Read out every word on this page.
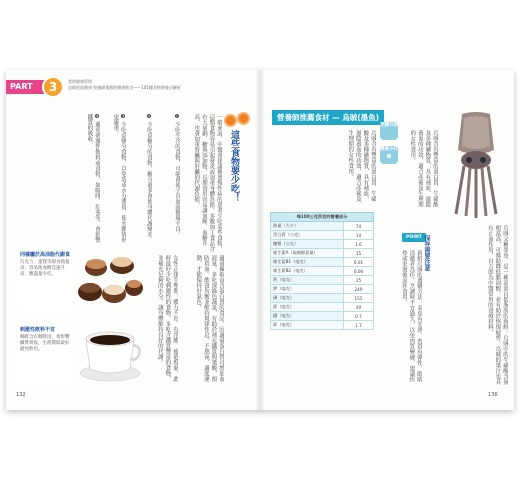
PART	3	我的健康管理
這樣吃最健康 營養師推薦的健康飲食——101種食物營養全解析
這些食物要少吃！
一般來說，中醫會建議罹患慢性病的患者少吃某些食物，這類食物容易引起發炎或加重身體負擔。多數加工食品含有大量鈉、糖與添加物，長期食用容易讓血壓、血糖升高，也會加重腎臟與肝臟的代謝負擔。
❶ 少吃生冷的食物，可能會使子宮血液循環不良。
❷ 少吃高糖分的食物，糖分過多會使身體代謝變差。
❸ 少吃高鹽分食物，以免造成水分滯留、使水腫情形更嚴重。
❹ 避免刺激性飲料或食物，如咖啡、紅茶等，會影響鐵質的吸收。
女性正逢生理期，體力不好，有浮腫、疲倦現象，此時最好少吃刺激性的食物，多吃含鐵質豐富的食物，並補充足夠的水分，讓身體維持良好的代謝。	適量攝取富含蛋白質的食品，因適量蛋白質可增加血液量。多吃深綠色蔬菜，有助於補充鐵質與葉酸，預防貧血。飲食均衡並維持規律作息，不熬夜、適度運動，才能保持好氣色。
同樣屬於高油脂代謝食
巧克力、蛋糕等甜食熱量高，容易使血糖急速升高，應盡量少吃。
刺激性飲料不宜
咖啡含有咖啡因，會影響鐵質吸收，生理期間最好避免飲用。
132
營養師推薦食材 — 烏賊(墨魚)
烹調方法
健康小叮嚀	烏賊含有豐富的蛋白質、牛磺酸及多種礦物質，具有補血、滋陰養血的功效，適合產後及生理期的女性食用。
烏賊含有豐富的蛋白質、牛磺酸及多種礦物質，具有補血、滋陰養血的功效，適合產後及生理期的女性食用。
烏賊又稱墨魚，是一種高蛋白低脂肪的海鮮。烏賊中的牛磺酸含量相當高，可幫助降低膽固醇，並有助於恢復疲勞。烏賊的墨汁也具有止血作用，自古即為中醫常用的食療材料。
新鮮烏賊的選購方法：表皮有光澤、肉質有彈性、眼睛清澈者為佳。烹調時不宜過久，以免肉質變硬，建議快炒或汆燙後涼拌食用。
POINT 保存需要注意
每100公克所含的營養成分	
熱量（大卡）	74
蛋白質（公克）	14
醣類（公克）	1.6
維生素A（視網醇當量）	15
維生素B1（毫克）	0.01
維生素B2（毫克）	0.06
鈣（毫克）	15
鉀（毫克）	249
磷（毫克）	155
鎂（毫克）	49
鐵（毫克）	0.7
鋅（毫克）	1.7
136
